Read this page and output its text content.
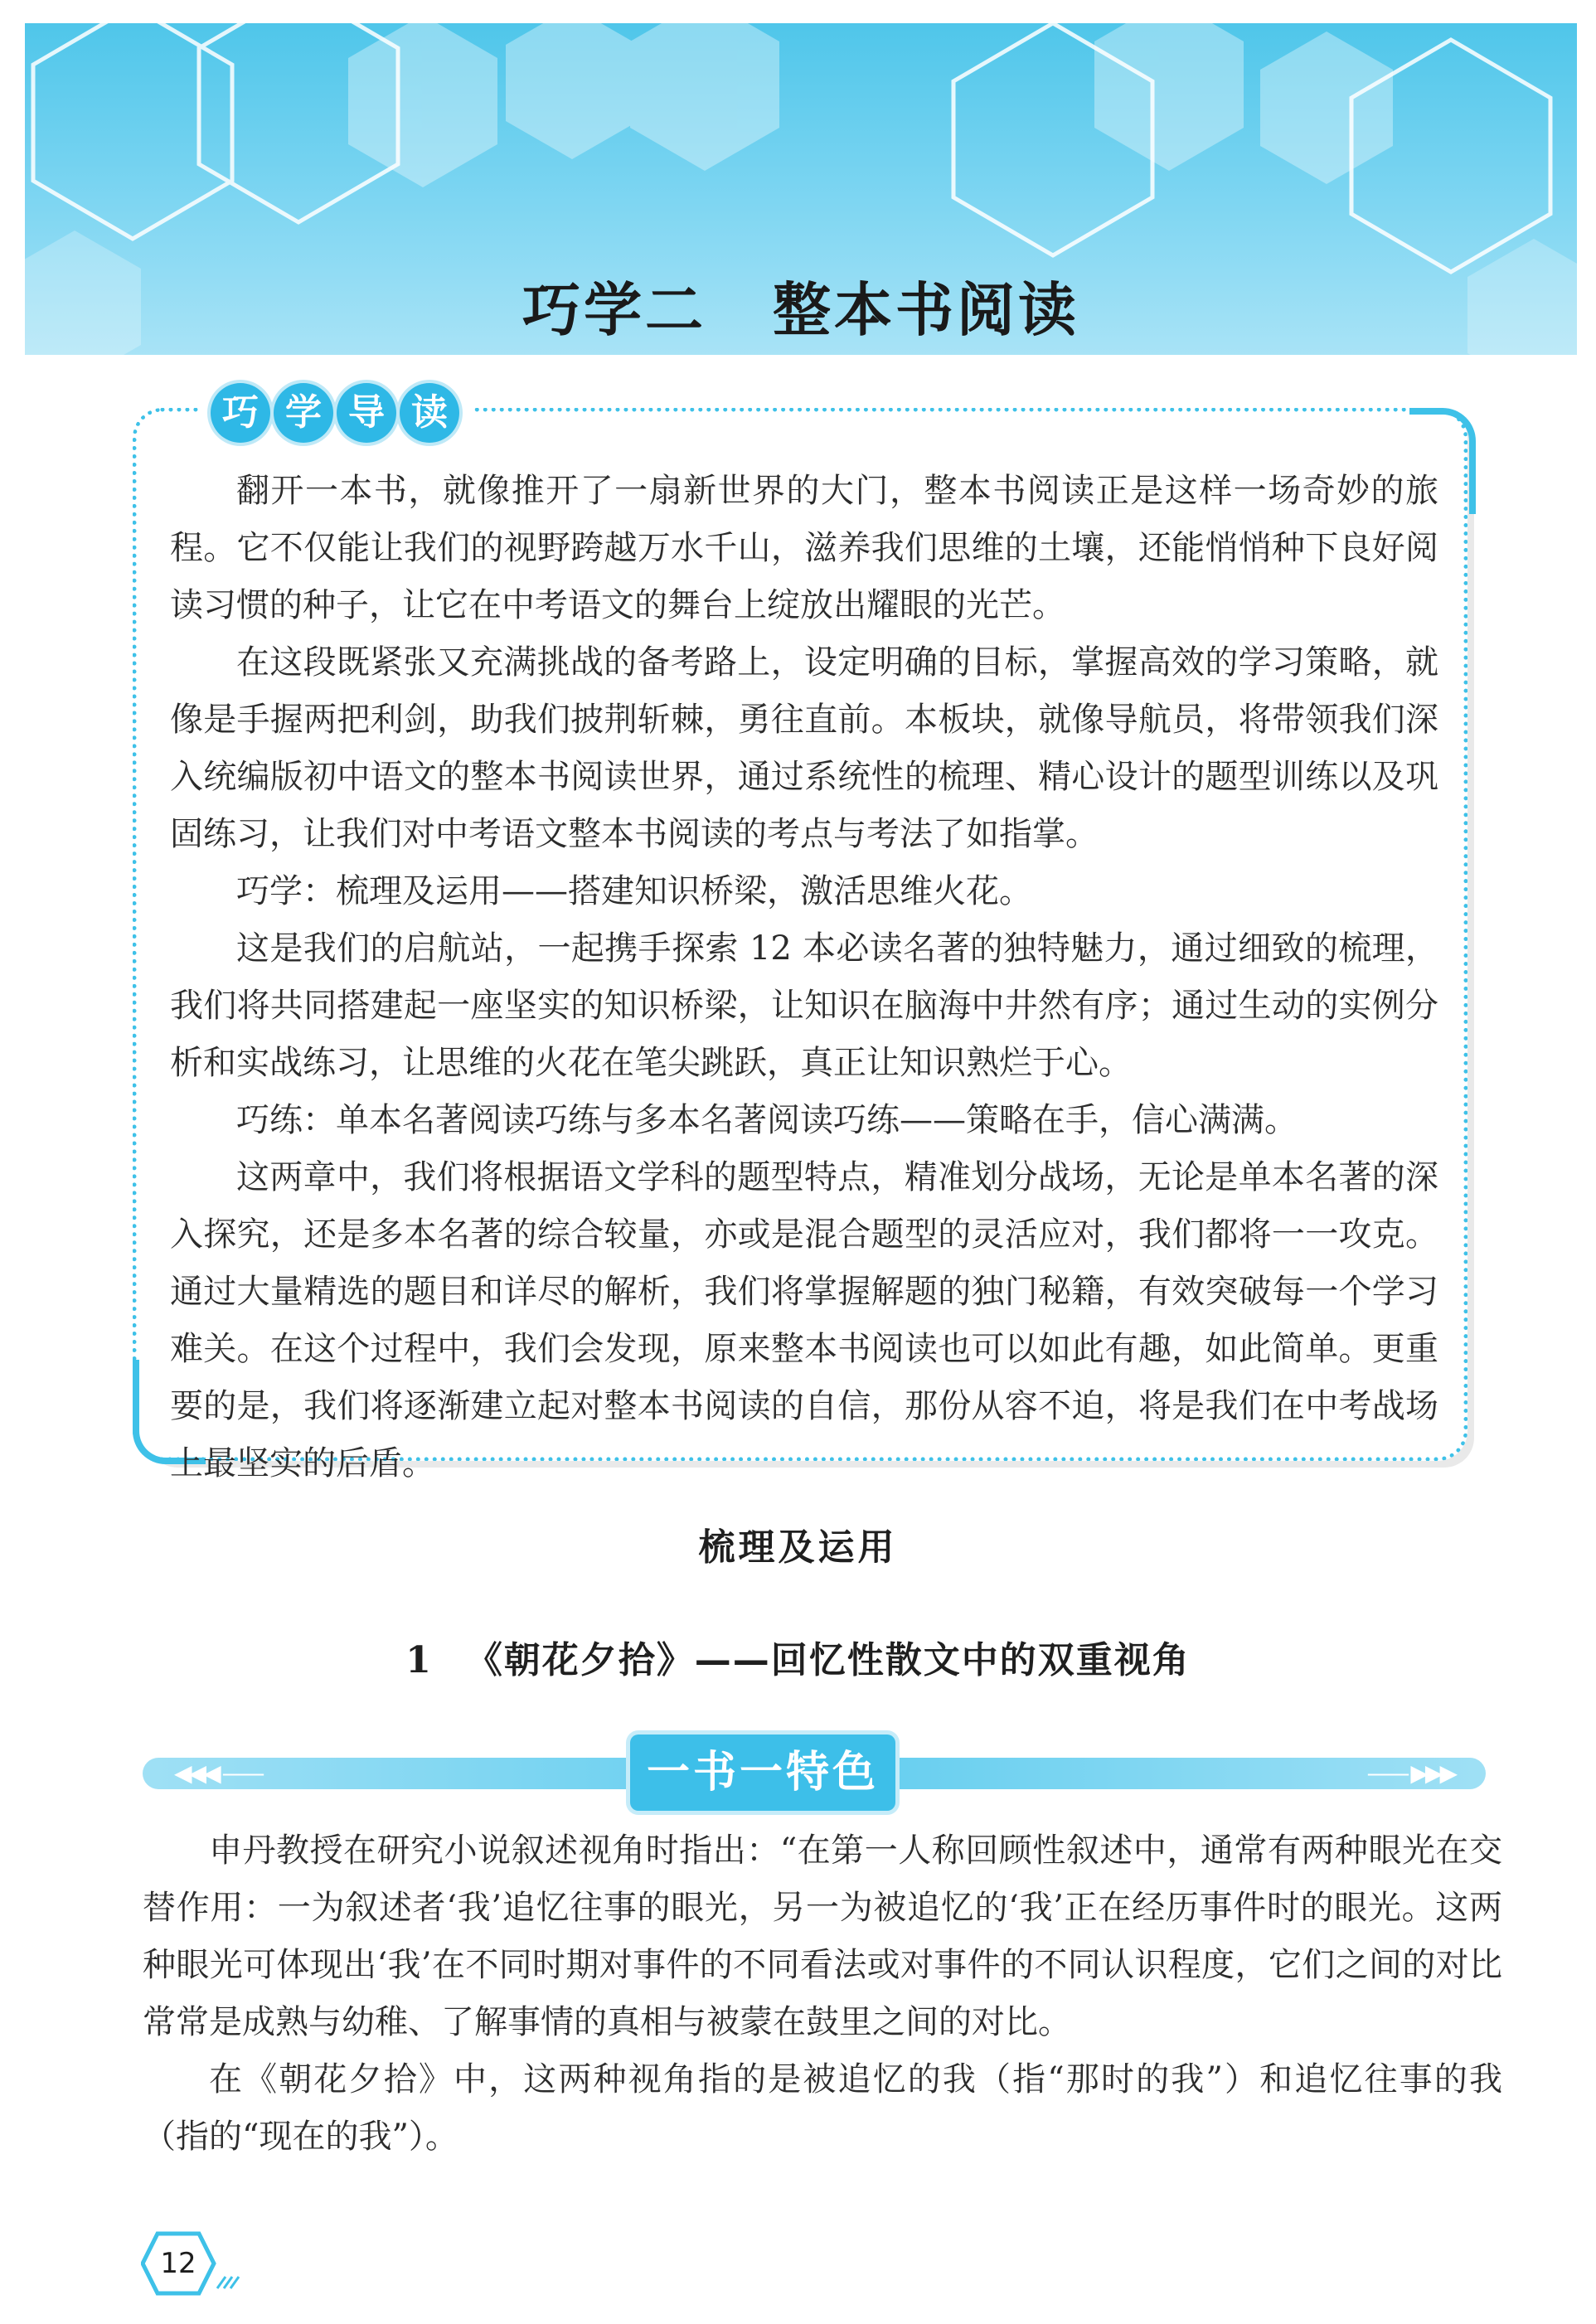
巧学二 整本书阅读
巧 学 导 读

翻开一本书，就像推开了一扇新世界的大门，整本书阅读正是这样一场奇妙的旅程。它不仅能让我们的视野跨越万水千山，滋养我们思维的土壤，还能悄悄种下良好阅读习惯的种子，让它在中考语文的舞台上绽放出耀眼的光芒。

在这段既紧张又充满挑战的备考路上，设定明确的目标，掌握高效的学习策略，就像是手握两把利剑，助我们披荆斩棘，勇往直前。本板块，就像导航员，将带领我们深入统编版初中语文的整本书阅读世界，通过系统性的梳理、精心设计的题型训练以及巩固练习，让我们对中考语文整本书阅读的考点与考法了如指掌。

巧学：梳理及运用——搭建知识桥梁，激活思维火花。

这是我们的启航站，一起携手探索 12 本必读名著的独特魅力，通过细致的梳理，我们将共同搭建起一座坚实的知识桥梁，让知识在脑海中井然有序；通过生动的实例分析和实战练习，让思维的火花在笔尖跳跃，真正让知识熟烂于心。

巧练：单本名著阅读巧练与多本名著阅读巧练——策略在手，信心满满。

这两章中，我们将根据语文学科的题型特点，精准划分战场，无论是单本名著的深入探究，还是多本名著的综合较量，亦或是混合题型的灵活应对，我们都将一一攻克。通过大量精选的题目和详尽的解析，我们将掌握解题的独门秘籍，有效突破每一个学习难关。在这个过程中，我们会发现，原来整本书阅读也可以如此有趣，如此简单。更重要的是，我们将逐渐建立起对整本书阅读的自信，那份从容不迫，将是我们在中考战场上最坚实的后盾。

梳理及运用
1 《朝花夕拾》——回忆性散文中的双重视角
◀◀◀ ——	—— ▶▶▶
一书一特色

申丹教授在研究小说叙述视角时指出：“在第一人称回顾性叙述中，通常有两种眼光在交替作用：一为叙述者‘我’追忆往事的眼光，另一为被追忆的‘我’正在经历事件时的眼光。这两种眼光可体现出‘我’在不同时期对事件的不同看法或对事件的不同认识程度，它们之间的对比常常是成熟与幼稚、了解事情的真相与被蒙在鼓里之间的对比。

在《朝花夕拾》中，这两种视角指的是被追忆的我（指“那时的我”）和追忆往事的我（指的“现在的我”）。

12
